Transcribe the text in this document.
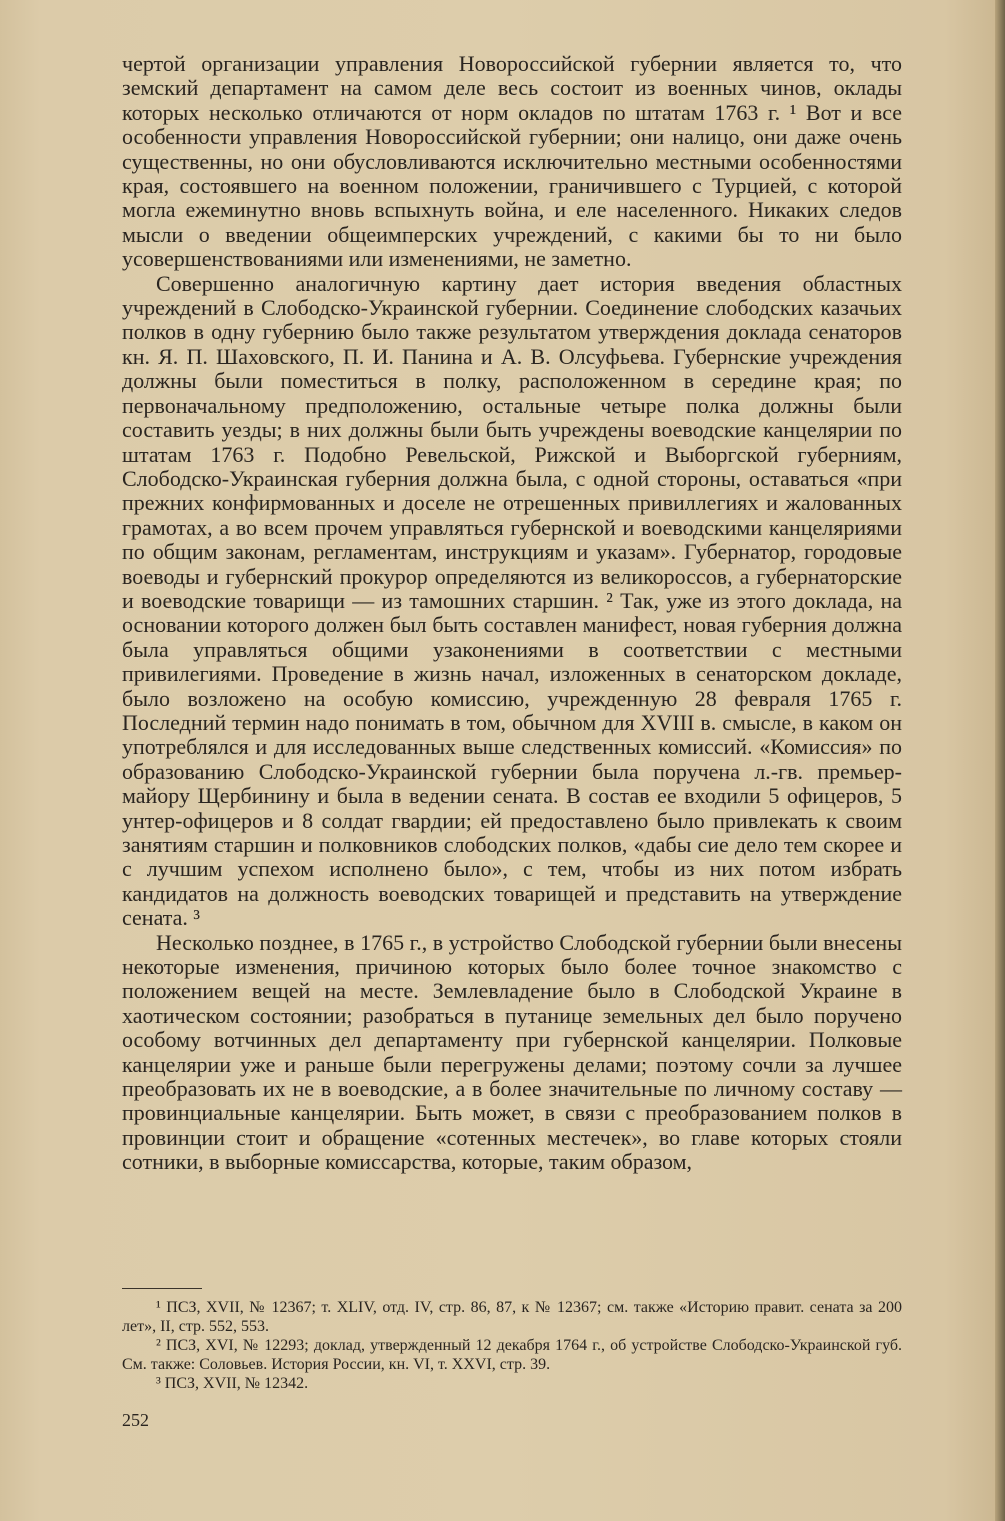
чертой организации управления Новороссийской губернии является то, что земский департамент на самом деле весь состоит из военных чинов, оклады которых несколько отличаются от норм окладов по штатам 1763 г. ¹ Вот и все особенности управления Новороссийской губернии; они налицо, они даже очень существенны, но они обусловливаются исключительно местными особенностями края, состоявшего на военном положении, граничившего с Турцией, с которой могла ежеминутно вновь вспыхнуть война, и еле населенного. Никаких следов мысли о введении общеимперских учреждений, с какими бы то ни было усовершенствованиями или изменениями, не заметно.

Совершенно аналогичную картину дает история введения областных учреждений в Слободско-Украинской губернии. Соединение слободских казачьих полков в одну губернию было также результатом утверждения доклада сенаторов кн. Я. П. Шаховского, П. И. Панина и А. В. Олсуфьева. Губернские учреждения должны были поместиться в полку, расположенном в середине края; по первоначальному предположению, остальные четыре полка должны были составить уезды; в них должны были быть учреждены воеводские канцелярии по штатам 1763 г. Подобно Ревельской, Рижской и Выборгской губерниям, Слободско-Украинская губерния должна была, с одной стороны, оставаться «при прежних конфирмованных и доселе не отрешенных привиллегиях и жалованных грамотах, а во всем прочем управляться губернской и воеводскими канцеляриями по общим законам, регламентам, инструкциям и указам». Губернатор, городовые воеводы и губернский прокурор определяются из великороссов, а губернаторские и воеводские товарищи — из тамошних старшин. ² Так, уже из этого доклада, на основании которого должен был быть составлен манифест, новая губерния должна была управляться общими узаконениями в соответствии с местными привилегиями. Проведение в жизнь начал, изложенных в сенаторском докладе, было возложено на особую комиссию, учрежденную 28 февраля 1765 г. Последний термин надо понимать в том, обычном для XVIII в. смысле, в каком он употреблялся и для исследованных выше следственных комиссий. «Комиссия» по образованию Слободско-Украинской губернии была поручена л.-гв. премьер-майору Щербинину и была в ведении сената. В состав ее входили 5 офицеров, 5 унтер-офицеров и 8 солдат гвардии; ей предоставлено было привлекать к своим занятиям старшин и полковников слободских полков, «дабы сие дело тем скорее и с лучшим успехом исполнено было», с тем, чтобы из них потом избрать кандидатов на должность воеводских товарищей и представить на утверждение сената. ³

Несколько позднее, в 1765 г., в устройство Слободской губернии были внесены некоторые изменения, причиною которых было более точное знакомство с положением вещей на месте. Землевладение было в Слободской Украине в хаотическом состоянии; разобраться в путанице земельных дел было поручено особому вотчинных дел департаменту при губернской канцелярии. Полковые канцелярии уже и раньше были перегружены делами; поэтому сочли за лучшее преобразовать их не в воеводские, а в более значительные по личному составу — провинциальные канцелярии. Быть может, в связи с преобразованием полков в провинции стоит и обращение «сотенных местечек», во главе которых стояли сотники, в выборные комиссарства, которые, таким образом,

¹ ПСЗ, XVII, № 12367; т. XLIV, отд. IV, стр. 86, 87, к № 12367; см. также «Историю правит. сената за 200 лет», II, стр. 552, 553.

² ПСЗ, XVI, № 12293; доклад, утвержденный 12 декабря 1764 г., об устройстве Слободско-Украинской губ. См. также: Соловьев. История России, кн. VI, т. XXVI, стр. 39.

³ ПСЗ, XVII, № 12342.

252
